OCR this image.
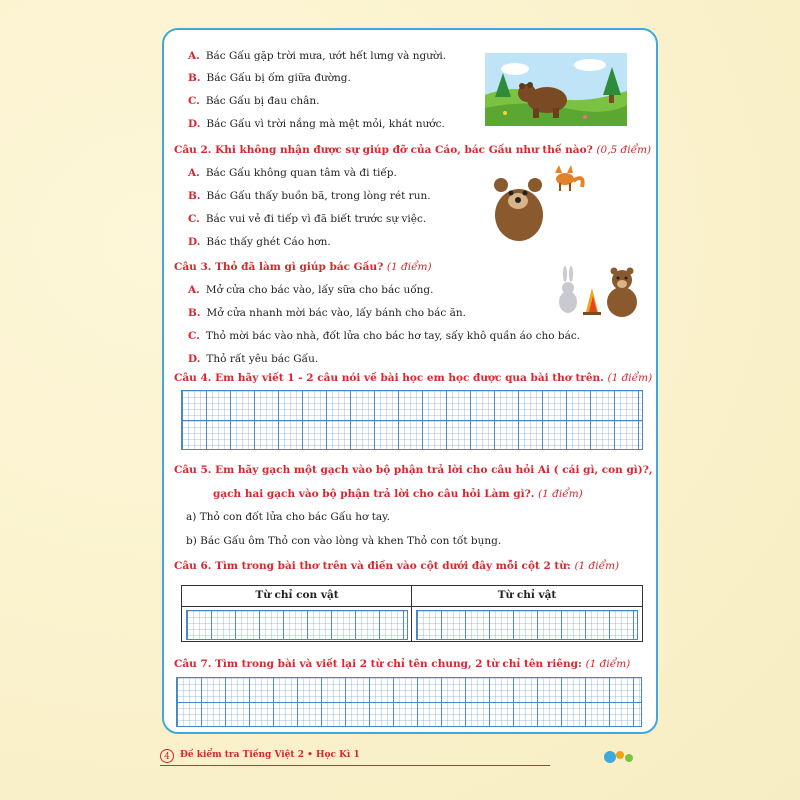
A. Bác Gấu gặp trời mưa, ướt hết lưng và người.
B. Bác Gấu bị ốm giữa đường.
C. Bác Gấu bị đau chân.
D. Bác Gấu vì trời nắng mà mệt mỏi, khát nước.
Câu 2. Khi không nhận được sự giúp đỡ của Cáo, bác Gấu như thế nào? (0,5 điểm)
A. Bác Gấu không quan tâm và đi tiếp.
B. Bác Gấu thấy buồn bã, trong lòng rét run.
C. Bác vui vẻ đi tiếp vì đã biết trước sự việc.
D. Bác thấy ghét Cáo hơn.
Câu 3. Thỏ đã làm gì giúp bác Gấu? (1 điểm)
A. Mở cửa cho bác vào, lấy sữa cho bác uống.
B. Mở cửa nhanh mời bác vào, lấy bánh cho bác ăn.
C. Thỏ mời bác vào nhà, đốt lửa cho bác hơ tay, sấy khô quần áo cho bác.
D. Thỏ rất yêu bác Gấu.
Câu 4. Em hãy viết 1 - 2 câu nói về bài học em học được qua bài thơ trên. (1 điểm)
Câu 5. Em hãy gạch một gạch vào bộ phận trả lời cho câu hỏi Ai ( cái gì, con gì)?,
gạch hai gạch vào bộ phận trả lời cho câu hỏi Làm gì?. (1 điểm)
a) Thỏ con đốt lửa cho bác Gấu hơ tay.
b) Bác Gấu ôm Thỏ con vào lòng và khen Thỏ con tốt bụng.
Câu 6. Tìm trong bài thơ trên và điền vào cột dưới đây mỗi cột 2 từ: (1 điểm)
Từ chỉ con vật	Từ chỉ vật
Câu 7. Tìm trong bài và viết lại 2 từ chỉ tên chung, 2 từ chỉ tên riêng: (1 điểm)
4	Đề kiểm tra Tiếng Việt 2 • Học Kì 1
